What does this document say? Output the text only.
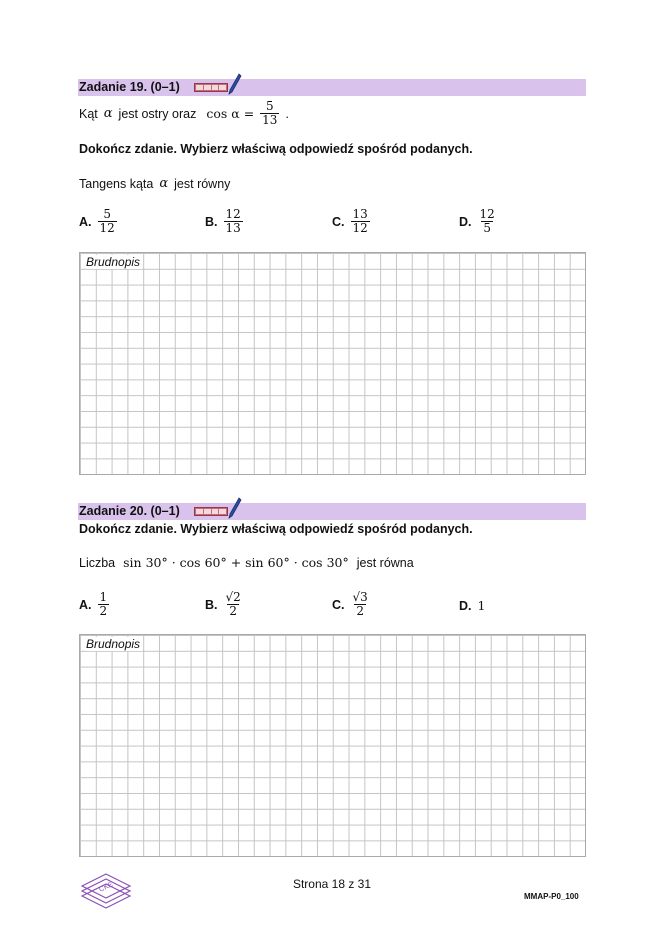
Zadanie 19. (0–1)
Kąt α jest ostry oraz $\cos \alpha = \frac{5}{13}$ .
Dokończ zdanie. Wybierz właściwą odpowiedź spośród podanych.
Tangens kąta α jest równy
A. $\frac{5}{12}$	B. $\frac{12}{13}$	C. $\frac{13}{12}$	D. $\frac{12}{5}$
Brudnopis
Zadanie 20. (0–1)
Dokończ zdanie. Wybierz właściwą odpowiedź spośród podanych.
Liczba sin 30° · cos 60° + sin 60° · cos 30° jest równa
A. $\frac{1}{2}$	B. $\frac{√2}{2}$	C. $\frac{√3}{2}$	D. 1
Brudnopis
CKE	Strona 18 z 31
MMAP-P0_100
